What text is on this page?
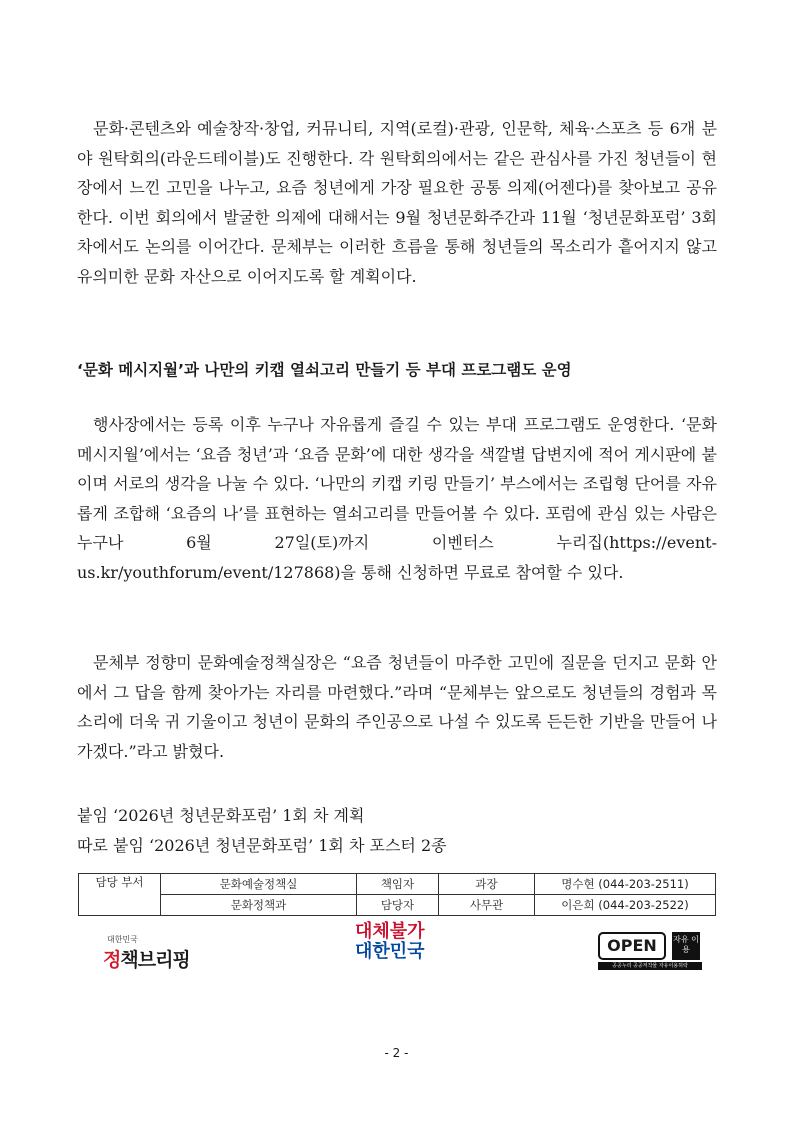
문화·콘텐츠와 예술창작·창업, 커뮤니티, 지역(로컬)·관광, 인문학, 체육·스포츠 등 6개 분야 원탁회의(라운드테이블)도 진행한다. 각 원탁회의에서는 같은 관심사를 가진 청년들이 현장에서 느낀 고민을 나누고, 요즘 청년에게 가장 필요한 공통 의제(어젠다)를 찾아보고 공유한다. 이번 회의에서 발굴한 의제에 대해서는 9월 청년문화주간과 11월 ‘청년문화포럼’ 3회 차에서도 논의를 이어간다. 문체부는 이러한 흐름을 통해 청년들의 목소리가 흩어지지 않고 유의미한 문화 자산으로 이어지도록 할 계획이다.

‘문화 메시지월’과 나만의 키캡 열쇠고리 만들기 등 부대 프로그램도 운영

행사장에서는 등록 이후 누구나 자유롭게 즐길 수 있는 부대 프로그램도 운영한다. ‘문화 메시지월’에서는 ‘요즘 청년’과 ‘요즘 문화’에 대한 생각을 색깔별 답변지에 적어 게시판에 붙이며 서로의 생각을 나눌 수 있다. ‘나만의 키캡 키링 만들기’ 부스에서는 조립형 단어를 자유롭게 조합해 ‘요즘의 나’를 표현하는 열쇠고리를 만들어볼 수 있다. 포럼에 관심 있는 사람은 누구나 6월 27일(토)까지 이벤터스 누리집(https://event-us.kr/youthforum/event/127868)을 통해 신청하면 무료로 참여할 수 있다.

문체부 정향미 문화예술정책실장은 “요즘 청년들이 마주한 고민에 질문을 던지고 문화 안에서 그 답을 함께 찾아가는 자리를 마련했다.”라며 “문체부는 앞으로도 청년들의 경험과 목소리에 더욱 귀 기울이고 청년이 문화의 주인공으로 나설 수 있도록 든든한 기반을 만들어 나가겠다.”라고 밝혔다.

붙임 ‘2026년 청년문화포럼’ 1회 차 계획

따로 붙임 ‘2026년 청년문화포럼’ 1회 차 포스터 2종

담당 부서	문화예술정책실	책임자	과장	명수현 (044-203-2511)
	문화정책과	담당자	사무관	이은희 (044-203-2522)
대한민국
정책브리핑
대체불가
대한민국	OPEN	자유 이용
공공누리 공공저작물 자유이용허락
- 2 -
